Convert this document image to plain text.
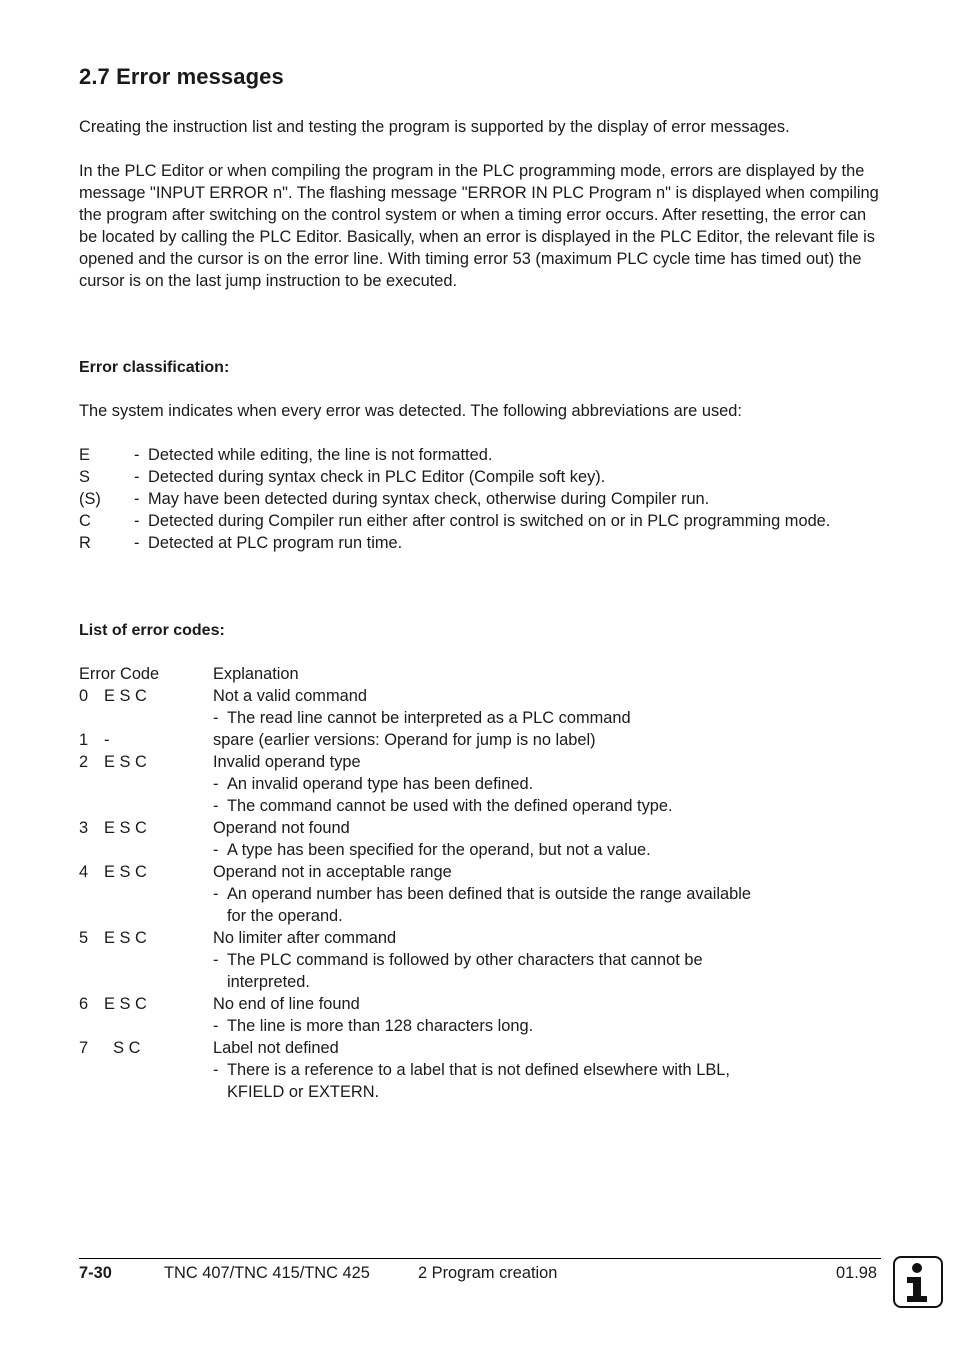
2.7 Error messages

Creating the instruction list and testing the program is supported by the display of error messages.

In the PLC Editor or when compiling the program in the PLC programming mode, errors are displayed by the message "INPUT ERROR n". The flashing message "ERROR IN PLC Program n" is displayed when compiling the program after switching on the control system or when a timing error occurs. After resetting, the error can be located by calling the PLC Editor. Basically, when an error is displayed in the PLC Editor, the relevant file is opened and the cursor is on the error line. With timing error 53 (maximum PLC cycle time has timed out) the cursor is on the last jump instruction to be executed.

Error classification:

The system indicates when every error was detected. The following abbreviations are used:

E	- Detected while editing, the line is not formatted.
S	- Detected during syntax check in PLC Editor (Compile soft key).
(S)	- May have been detected during syntax check, otherwise during Compiler run.
C	- Detected during Compiler run either after control is switched on or in PLC programming mode.
R	- Detected at PLC program run time.

List of error codes:

Error Code	Explanation
0 E S C	Not a valid command
- The read line cannot be interpreted as a PLC command
1 -	spare (earlier versions: Operand for jump is no label)
2 E S C	Invalid operand type
- An invalid operand type has been defined.
- The command cannot be used with the defined operand type.
3 E S C	Operand not found
- A type has been specified for the operand, but not a value.
4 E S C	Operand not in acceptable range
- An operand number has been defined that is outside the range available for the operand.
5 E S C	No limiter after command
- The PLC command is followed by other characters that cannot be interpreted.
6 E S C	No end of line found
- The line is more than 128 characters long.
7 S C	Label not defined
- There is a reference to a label that is not defined elsewhere with LBL, KFIELD or EXTERN.
7-30	TNC 407/TNC 415/TNC 425	2 Program creation	01.98
